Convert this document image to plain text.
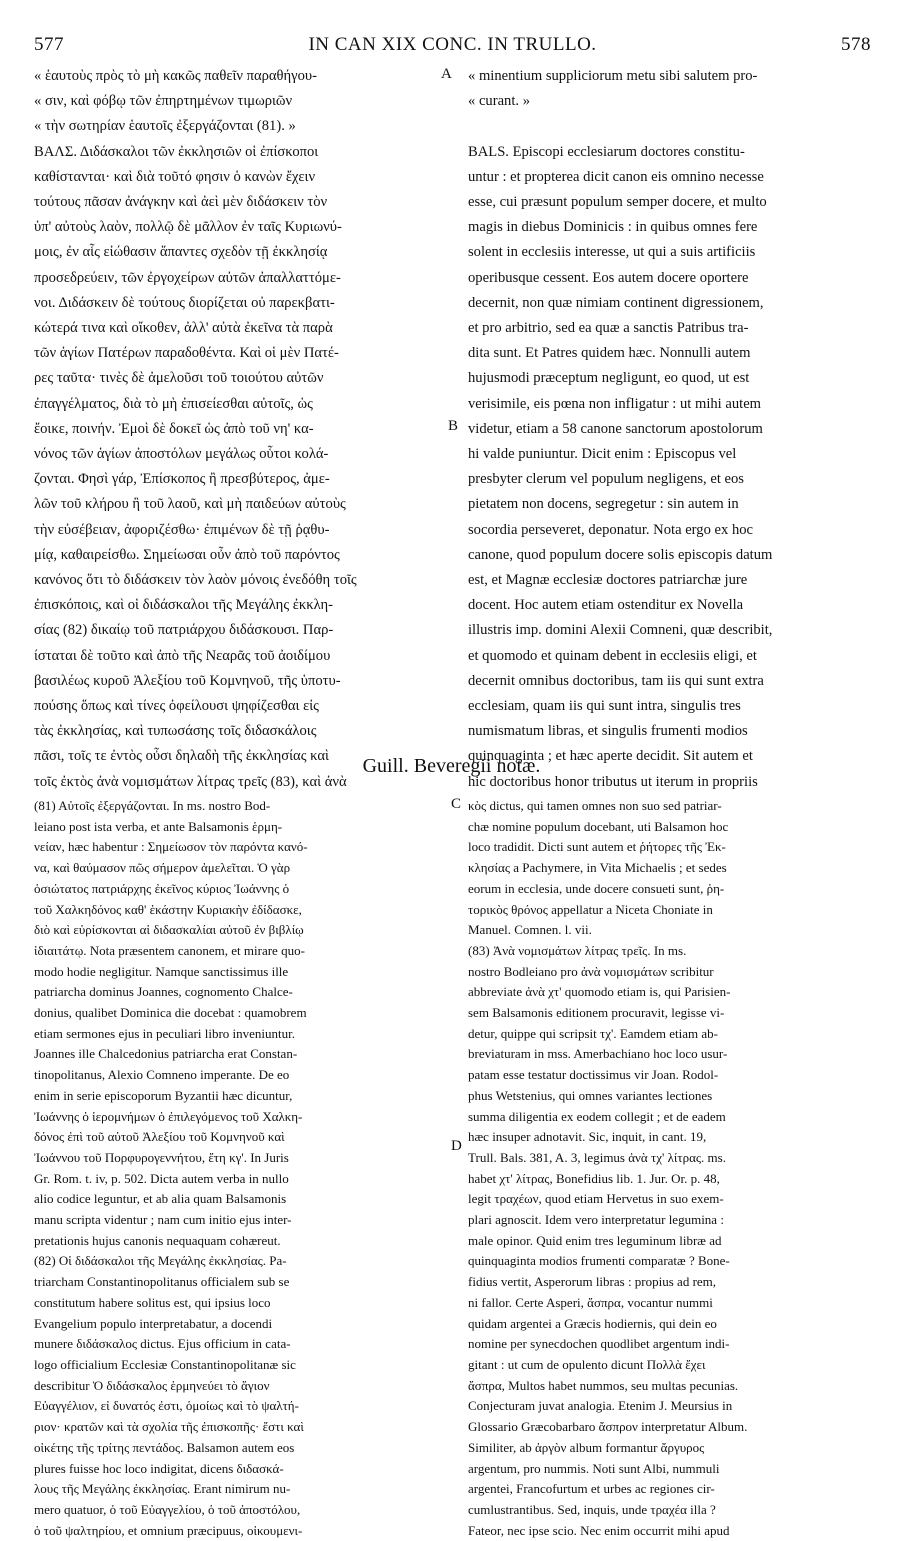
577	IN CAN XIX CONC. IN TRULLO.	578
« ἑαυτοὺς πρὸς τὸ μὴ κακῶς παθεῖν παραθήγου-
« σιν, καὶ φόβῳ τῶν ἐπηρτημένων τιμωριῶν
« τὴν σωτηρίαν ἑαυτοῖς ἐξεργάζονται (81). »
ΒΑΛΣ. Διδάσκαλοι τῶν ἐκκλησιῶν οἱ ἐπίσκοποι
καθίστανται· καὶ διὰ τοῦτό φησιν ὁ κανὼν ἔχειν
τούτους πᾶσαν ἀνάγκην καὶ ἀεὶ μὲν διδάσκειν τὸν
ὑπ' αὐτοὺς λαὸν, πολλῷ δὲ μᾶλλον ἐν ταῖς Κυριωνύ-
μοις, ἐν αἷς εἰώθασιν ἅπαντες σχεδὸν τῇ ἐκκλησίᾳ
προσεδρεύειν, τῶν ἐργοχείρων αὐτῶν ἀπαλλαττόμε-
νοι. Διδάσκειν δὲ τούτους διορίζεται οὐ παρεκβατι-
κώτερά τινα καὶ οἴκοθεν, ἀλλ' αὐτὰ ἐκεῖνα τὰ παρὰ
τῶν ἁγίων Πατέρων παραδοθέντα. Καὶ οἱ μὲν Πατέ-
ρες ταῦτα· τινὲς δὲ ἀμελοῦσι τοῦ τοιούτου αὐτῶν
ἐπαγγέλματος, διὰ τὸ μὴ ἐπισείεσθαι αὐτοῖς, ὡς
ἔοικε, ποινήν. Ἐμοὶ δὲ δοκεῖ ὡς ἀπὸ τοῦ νη' κα-
νόνος τῶν ἁγίων ἀποστόλων μεγάλως οὗτοι κολά-
ζονται. Φησὶ γάρ, Ἐπίσκοπος ἢ πρεσβύτερος, ἀμε-
λῶν τοῦ κλήρου ἢ τοῦ λαοῦ, καὶ μὴ παιδεύων αὐτοὺς
τὴν εὐσέβειαν, ἀφοριζέσθω· ἐπιμένων δὲ τῇ ῥᾳθυ-
μίᾳ, καθαιρείσθω. Σημείωσαι οὖν ἀπὸ τοῦ παρόντος
κανόνος ὅτι τὸ διδάσκειν τὸν λαὸν μόνοις ἐνεδόθη τοῖς
ἐπισκόποις, καὶ οἱ διδάσκαλοι τῆς Μεγάλης ἐκκλη-
σίας (82) δικαίῳ τοῦ πατριάρχου διδάσκουσι. Παρ-
ίσταται δὲ τοῦτο καὶ ἀπὸ τῆς Νεαρᾶς τοῦ ἀοιδίμου
βασιλέως κυροῦ Ἀλεξίου τοῦ Κομνηνοῦ, τῆς ὑποτυ-
πούσης ὅπως καὶ τίνες ὀφείλουσι ψηφίζεσθαι εἰς
τὰς ἐκκλησίας, καὶ τυπωσάσης τοῖς διδασκάλοις
πᾶσι, τοῖς τε ἐντὸς οὖσι δηλαδὴ τῆς ἐκκλησίας καὶ
τοῖς ἐκτὸς ἀνὰ νομισμάτων λίτρας τρεῖς (83), καὶ ἀνὰ
« minentium suppliciorum metu sibi salutem pro-
« curant. »

BALS. Episcopi ecclesiarum doctores constitu-
untur : et propterea dicit canon eis omnino necesse
esse, cui præsunt populum semper docere, et multo
magis in diebus Dominicis : in quibus omnes fere
solent in ecclesiis interesse, ut qui a suis artificiis
operibusque cessent. Eos autem docere oportere
decernit, non quæ nimiam continent digressionem,
et pro arbitrio, sed ea quæ a sanctis Patribus tra-
dita sunt. Et Patres quidem hæc. Nonnulli autem
hujusmodi præceptum negligunt, eo quod, ut est
verisimile, eis pœna non infligatur : ut mihi autem
videtur, etiam a 58 canone sanctorum apostolorum
hi valde puniuntur. Dicit enim : Episcopus vel
presbyter clerum vel populum negligens, et eos
pietatem non docens, segregetur : sin autem in
socordia perseveret, deponatur. Nota ergo ex hoc
canone, quod populum docere solis episcopis datum
est, et Magnæ ecclesiæ doctores patriarchæ jure
docent. Hoc autem etiam ostenditur ex Novella
illustris imp. domini Alexii Comneni, quæ describit,
et quomodo et quinam debent in ecclesiis eligi, et
decernit omnibus doctoribus, tam iis qui sunt extra
ecclesiam, quam iis qui sunt intra, singulis tres
numismatum libras, et singulis frumenti modios
quinquaginta ; et hæc aperte decidit. Sit autem et
hic doctoribus honor tributus ut iterum in propriis
A
B
Guill. Beveregii notæ.
(81) Αὐτοῖς ἐξεργάζονται. In ms. nostro Bod-
leiano post ista verba, et ante Balsamonis ἑρμη-
νείαν, hæc habentur : Σημείωσον τὸν παρόντα κανό-
να, καὶ θαύμασον πῶς σήμερον ἀμελεῖται. Ὁ γὰρ
ὁσιώτατος πατριάρχης ἐκεῖνος κύριος Ἰωάννης ὁ
τοῦ Χαλκηδόνος καθ' ἑκάστην Κυριακὴν ἐδίδασκε,
διὸ καὶ εὑρίσκονται αἱ διδασκαλίαι αὐτοῦ ἐν βιβλίῳ
ἰδιαιτάτῳ. Nota præsentem canonem, et mirare quo-
modo hodie negligitur. Namque sanctissimus ille
patriarcha dominus Joannes, cognomento Chalce-
donius, qualibet Dominica die docebat : quamobrem
etiam sermones ejus in peculiari libro inveniuntur.
Joannes ille Chalcedonius patriarcha erat Constan-
tinopolitanus, Alexio Comneno imperante. De eo
enim in serie episcoporum Byzantii hæc dicuntur,
Ἰωάννης ὁ ἱερομνήμων ὁ ἐπιλεγόμενος τοῦ Χαλκη-
δόνος ἐπὶ τοῦ αὐτοῦ Ἀλεξίου τοῦ Κομνηνοῦ καὶ
Ἰωάννου τοῦ Πορφυρογεννήτου, ἔτη κγ'. In Juris
Gr. Rom. t. iv, p. 502. Dicta autem verba in nullo
alio codice leguntur, et ab alia quam Balsamonis
manu scripta videntur ; nam cum initio ejus inter-
pretationis hujus canonis nequaquam cohæreut.
(82) Οἱ διδάσκαλοι τῆς Μεγάλης ἐκκλησίας. Pa-
triarcham Constantinopolitanus officialem sub se
constitutum habere solitus est, qui ipsius loco
Evangelium populo interpretabatur, a docendi
munere διδάσκαλος dictus. Ejus officium in cata-
logo officialium Ecclesiæ Constantinopolitanæ sic
describitur Ὁ διδάσκαλος ἑρμηνεύει τὸ ἅγιον
Εὐαγγέλιον, εἰ δυνατός ἐστι, ὁμοίως καὶ τὸ ψαλτή-
ριον· κρατῶν καὶ τὰ σχολία τῆς ἐπισκοπῆς· ἔστι καὶ
οἰκέτης τῆς τρίτης πεντάδος. Balsamon autem eos
plures fuisse hoc loco indigitat, dicens διδασκά-
λους τῆς Μεγάλης ἐκκλησίας. Erant nimirum nu-
mero quatuor, ὁ τοῦ Εὐαγγελίου, ὁ τοῦ ἀποστόλου,
ὁ τοῦ ψαλτηρίου, et omnium præcipuus, οἰκουμενι-
κὸς dictus, qui tamen omnes non suo sed patriar-
chæ nomine populum docebant, uti Balsamon hoc
loco tradidit. Dicti sunt autem et ῥήτορες τῆς Ἐκ-
κλησίας a Pachymere, in Vita Michaelis ; et sedes
eorum in ecclesia, unde docere consueti sunt, ῥη-
τορικὸς θρόνος appellatur a Niceta Choniate in
Manuel. Comnen. l. vii.
(83) Ἀνὰ νομισμάτων λίτρας τρεῖς. In ms.
nostro Bodleiano pro ἀνὰ νομισμάτων scribitur
abbreviate ἀνὰ χτ' quomodo etiam is, qui Parisien-
sem Balsamonis editionem procuravit, legisse vi-
detur, quippe qui scripsit τχ'. Eamdem etiam ab-
breviaturam in mss. Amerbachiano hoc loco usur-
patam esse testatur doctissimus vir Joan. Rodol-
phus Wetstenius, qui omnes variantes lectiones
summa diligentia ex eodem collegit ; et de eadem
hæc insuper adnotavit. Sic, inquit, in cant. 19,
Trull. Bals. 381, A. 3, legimus ἀνὰ τχ' λίτρας. ms.
habet χτ' λίτρας, Bonefidius lib. 1. Jur. Or. p. 48,
legit τραχέων, quod etiam Hervetus in suo exem-
plari agnoscit. Idem vero interpretatur legumina :
male opinor. Quid enim tres leguminum libræ ad
quinquaginta modios frumenti comparatæ ? Bone-
fidius vertit, Asperorum libras : propius ad rem,
ni fallor. Certe Asperi, ἄσπρα, vocantur nummi
quidam argentei a Græcis hodiernis, qui dein eo
nomine per synecdochen quodlibet argentum indi-
gitant : ut cum de opulento dicunt Πολλὰ ἔχει
ἄσπρα, Multos habet nummos, seu multas pecunias.
Conjecturam juvat analogia. Etenim J. Meursius in
Glossario Græcobarbaro ἄσπρον interpretatur Album.
Similiter, ab ἀργὸν album formantur ἄργυρος
argentum, pro nummis. Noti sunt Albi, nummuli
argentei, Francofurtum et urbes ac regiones cir-
cumlustrantibus. Sed, inquis, unde τραχέα illa ?
Fateor, nec ipse scio. Nec enim occurrit mihi apud
C
D
